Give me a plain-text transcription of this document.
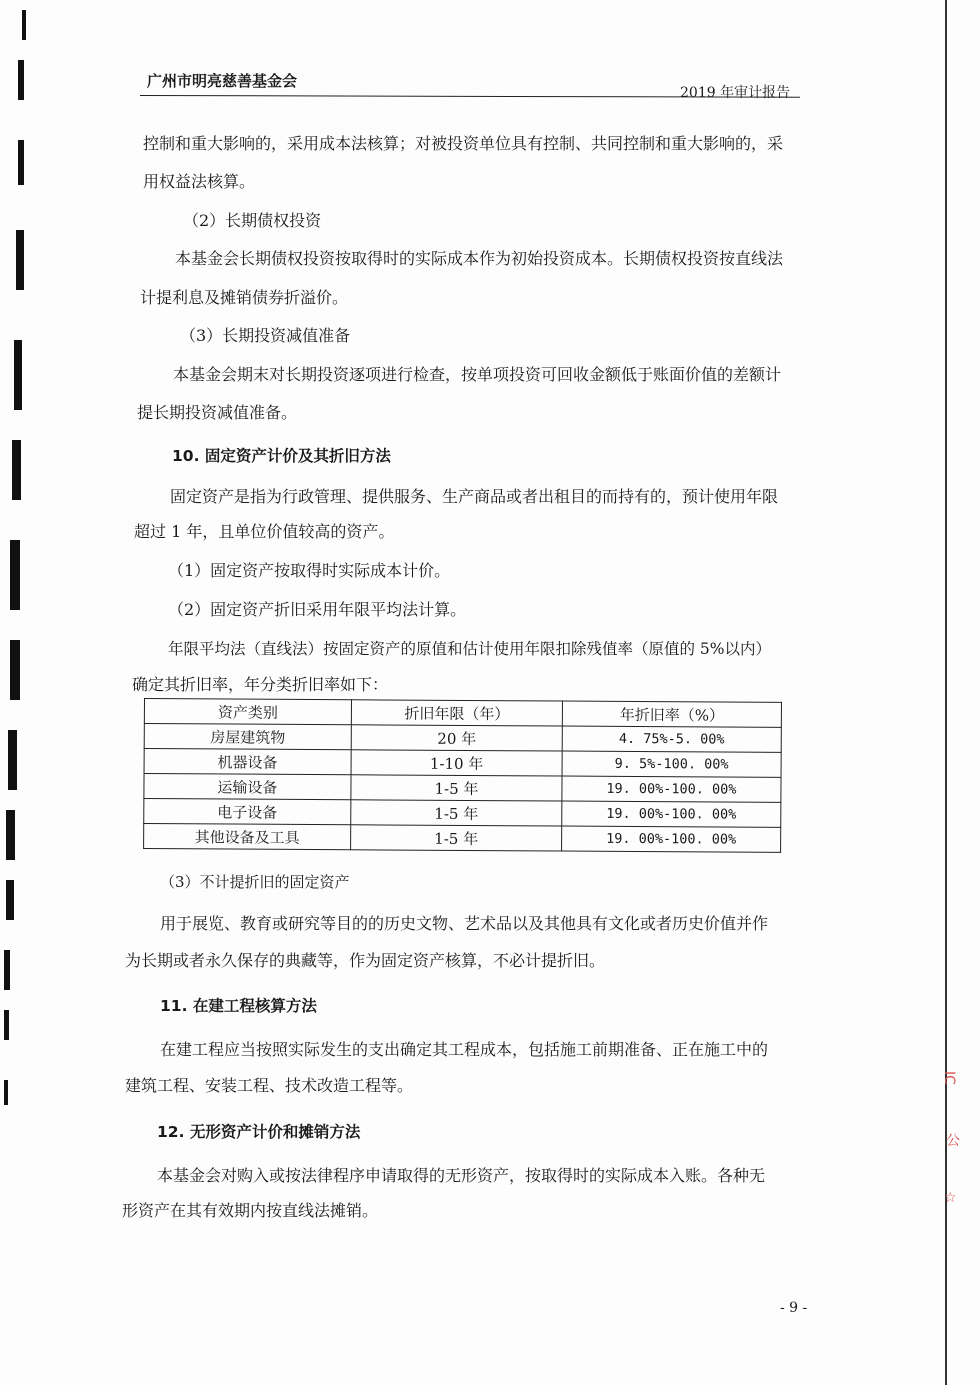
IC
公
☆
广州市明亮慈善基金会
2019 年审计报告
控制和重大影响的，采用成本法核算；对被投资单位具有控制、共同控制和重大影响的，采
用权益法核算。
（2）长期债权投资
本基金会长期债权投资按取得时的实际成本作为初始投资成本。长期债权投资按直线法
计提利息及摊销债券折溢价。
（3）长期投资减值准备
本基金会期末对长期投资逐项进行检查，按单项投资可回收金额低于账面价值的差额计
提长期投资减值准备。
10. 固定资产计价及其折旧方法
固定资产是指为行政管理、提供服务、生产商品或者出租目的而持有的，预计使用年限
超过 1 年，且单位价值较高的资产。
（1）固定资产按取得时实际成本计价。
（2）固定资产折旧采用年限平均法计算。
年限平均法（直线法）按固定资产的原值和估计使用年限扣除残值率（原值的 5%以内）
确定其折旧率，年分类折旧率如下：
资产类别	折旧年限（年）	年折旧率（%）
房屋建筑物	20 年	4. 75%-5. 00%
机器设备	1-10 年	9. 5%-100. 00%
运输设备	1-5 年	19. 00%-100. 00%
电子设备	1-5 年	19. 00%-100. 00%
其他设备及工具	1-5 年	19. 00%-100. 00%
（3）不计提折旧的固定资产
用于展览、教育或研究等目的的历史文物、艺术品以及其他具有文化或者历史价值并作
为长期或者永久保存的典藏等，作为固定资产核算，不必计提折旧。
11. 在建工程核算方法
在建工程应当按照实际发生的支出确定其工程成本，包括施工前期准备、正在施工中的
建筑工程、安装工程、技术改造工程等。
12. 无形资产计价和摊销方法
本基金会对购入或按法律程序申请取得的无形资产，按取得时的实际成本入账。各种无
形资产在其有效期内按直线法摊销。
- 9 -
